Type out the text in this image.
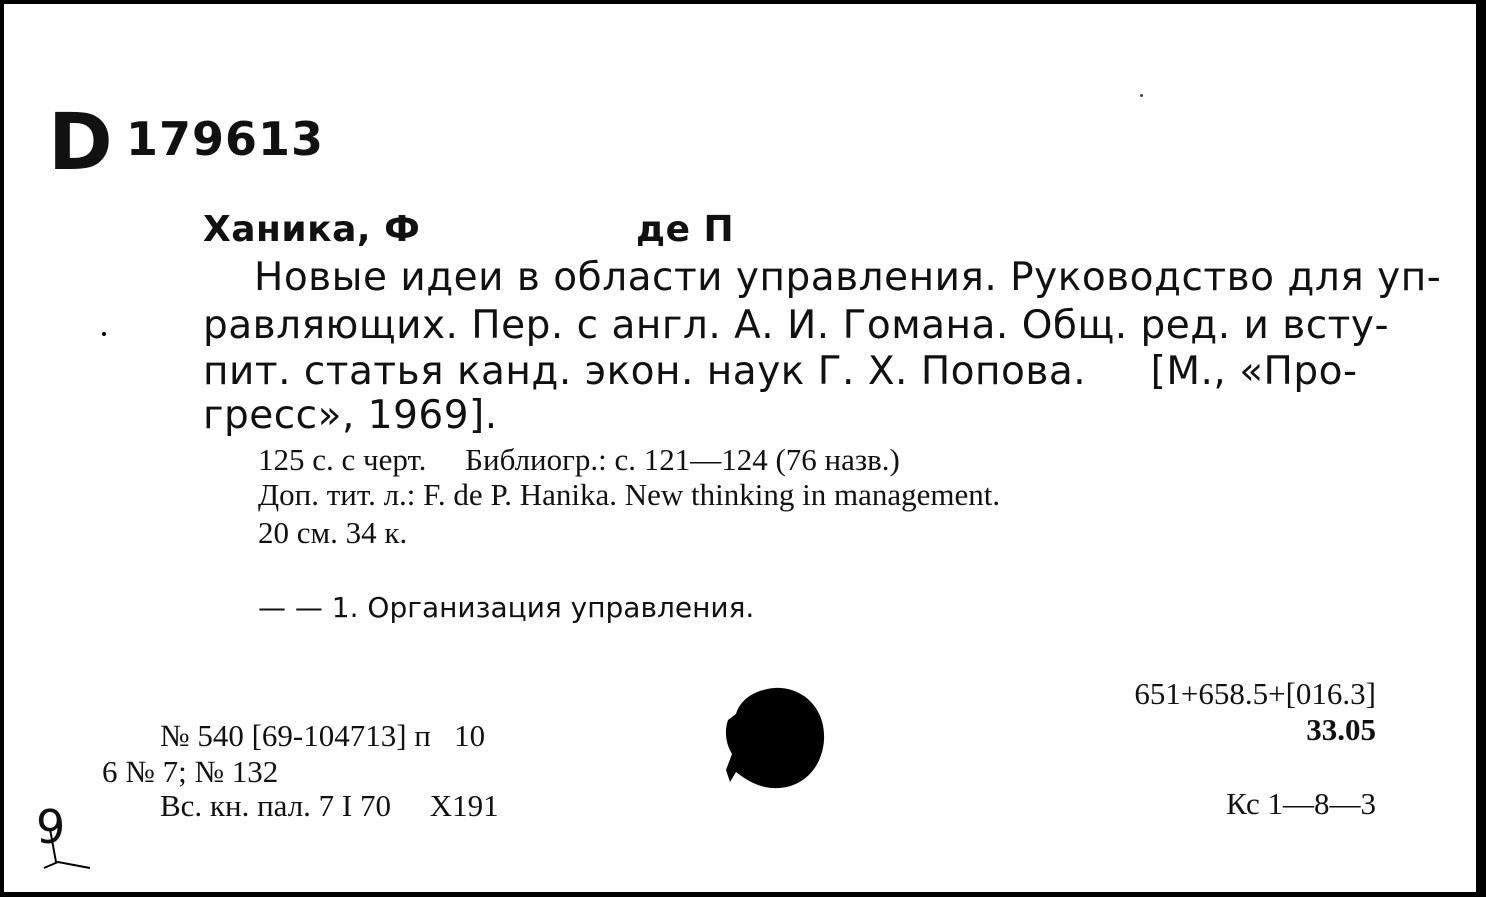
D 179613
Ханика, Ф	де П
Новые идеи в области управления. Руководство для уп-
равляющих. Пер. с англ. А. И. Гомана. Общ. ред. и всту-
пит. статья канд. экон. наук Г. Х. Попова.     [М., «Про-
гресс», 1969].
125 с. с черт.     Библиогр.: с. 121—124 (76 назв.)
Доп. тит. л.: F. de P. Hanika. New thinking in management.
20 см. 34 к.
— — 1. Организация управления.
№ 540 [69-104713] п   10
6 № 7; № 132
Вс. кн. пал. 7 I 70     Х191
651+658.5+[016.3]
33.05
Кс 1—8—3
9
